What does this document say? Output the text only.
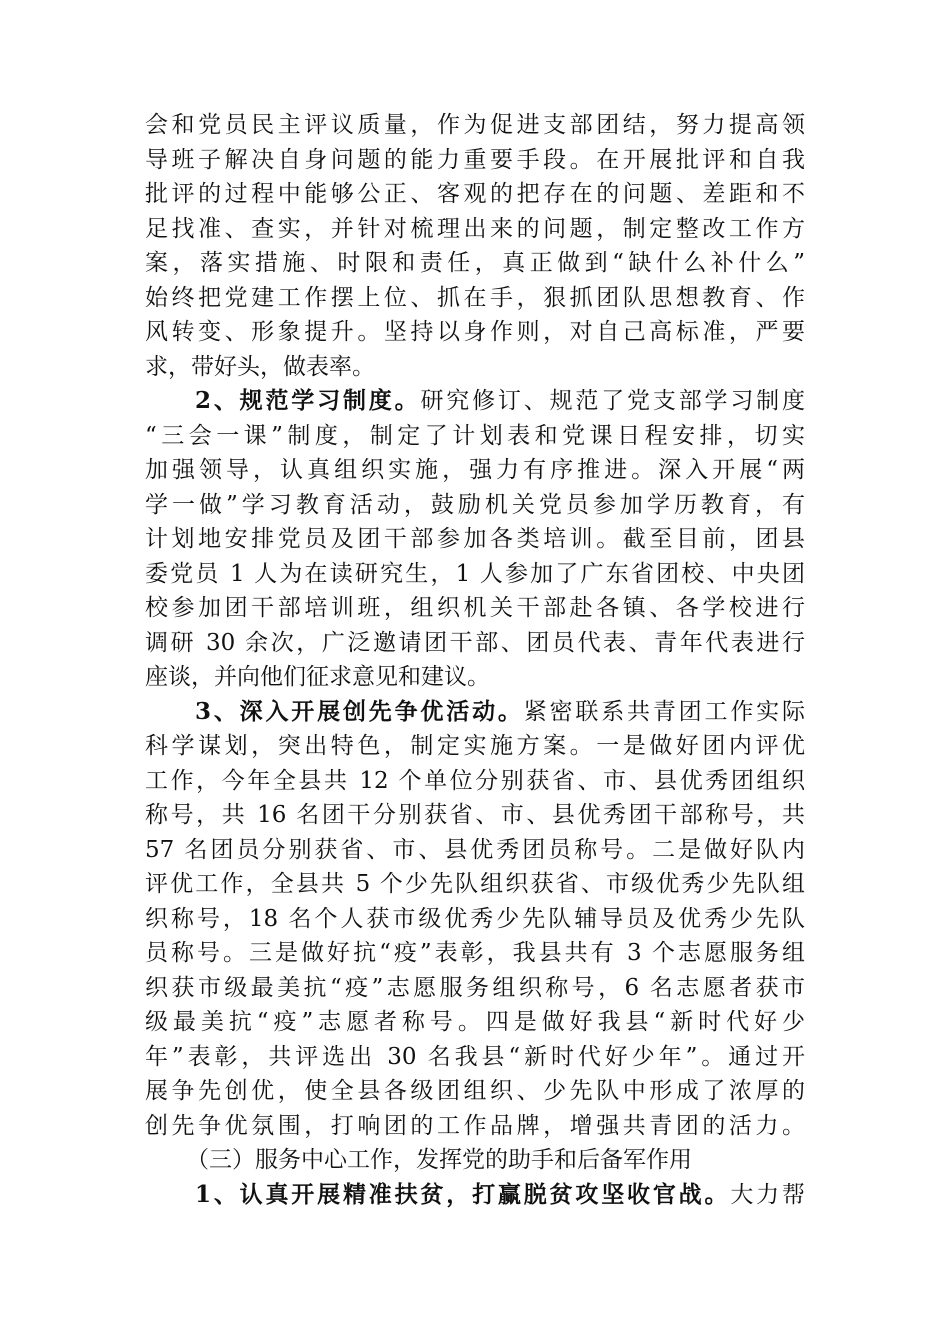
会和党员民主评议质量，作为促进支部团结，努力提高领
导班子解决自身问题的能力重要手段。在开展批评和自我
批评的过程中能够公正、客观的把存在的问题、差距和不
足找准、查实，并针对梳理出来的问题，制定整改工作方
案，落实措施、时限和责任，真正做到“缺什么补什么”
始终把党建工作摆上位、抓在手，狠抓团队思想教育、作
风转变、形象提升。坚持以身作则，对自己高标准，严要
求，带好头，做表率。
2、规范学习制度。研究修订、规范了党支部学习制度
“三会一课”制度，制定了计划表和党课日程安排，切实
加强领导，认真组织实施，强力有序推进。深入开展“两
学一做”学习教育活动，鼓励机关党员参加学历教育，有
计划地安排党员及团干部参加各类培训。截至目前，团县
委党员 1 人为在读研究生，1 人参加了广东省团校、中央团
校参加团干部培训班，组织机关干部赴各镇、各学校进行
调研 30 余次，广泛邀请团干部、团员代表、青年代表进行
座谈，并向他们征求意见和建议。
3、深入开展创先争优活动。紧密联系共青团工作实际
科学谋划，突出特色，制定实施方案。一是做好团内评优
工作，今年全县共 12 个单位分别获省、市、县优秀团组织
称号，共 16 名团干分别获省、市、县优秀团干部称号，共
57 名团员分别获省、市、县优秀团员称号。二是做好队内
评优工作，全县共 5 个少先队组织获省、市级优秀少先队组
织称号，18 名个人获市级优秀少先队辅导员及优秀少先队
员称号。三是做好抗“疫”表彰，我县共有 3 个志愿服务组
织获市级最美抗“疫”志愿服务组织称号，6 名志愿者获市
级最美抗“疫”志愿者称号。四是做好我县“新时代好少
年”表彰，共评选出 30 名我县“新时代好少年”。通过开
展争先创优，使全县各级团组织、少先队中形成了浓厚的
创先争优氛围，打响团的工作品牌，增强共青团的活力。
（三）服务中心工作，发挥党的助手和后备军作用
1、认真开展精准扶贫，打赢脱贫攻坚收官战。大力帮
